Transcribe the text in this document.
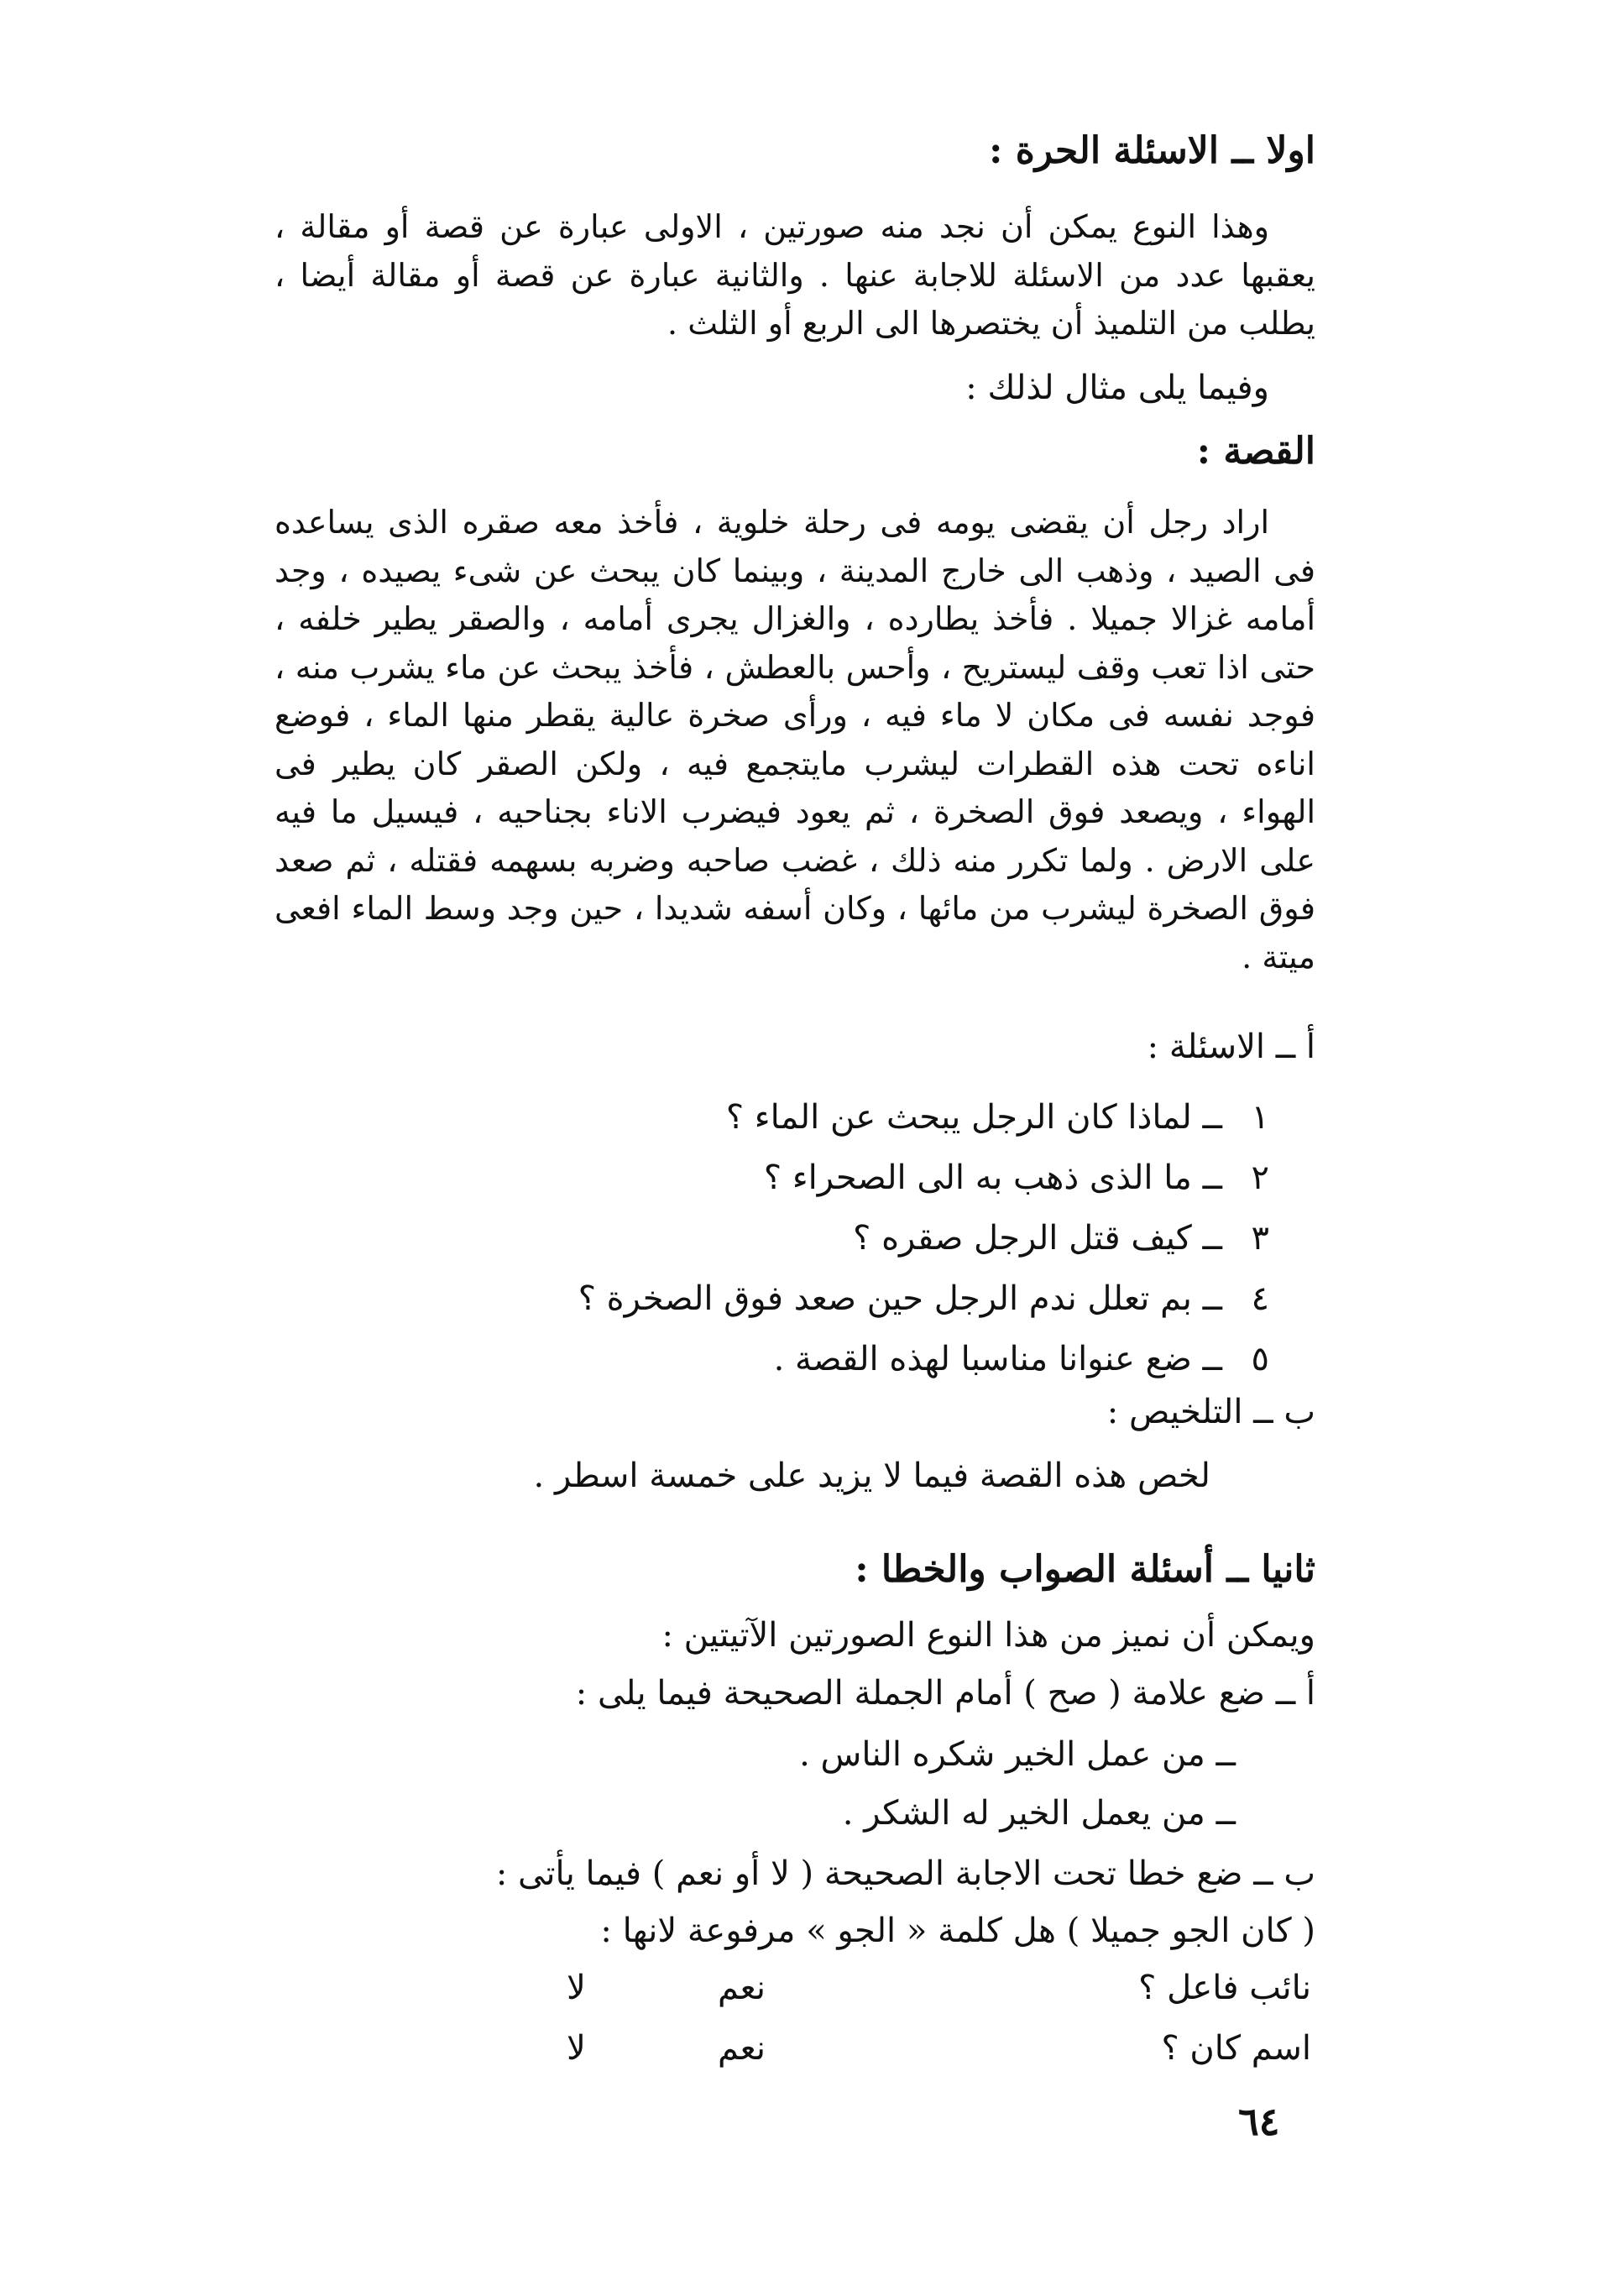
اولا ــ الاسئلة الحرة :
وهذا النوع يمكن أن نجد منه صورتين ، الاولى عبارة عن قصة أو مقالة ، يعقبها عدد من الاسئلة للاجابة عنها . والثانية عبارة عن قصة أو مقالة أيضا ، يطلب من التلميذ أن يختصرها الى الربع أو الثلث .
وفيما يلى مثال لذلك :
القصة :
اراد رجل أن يقضى يومه فى رحلة خلوية ، فأخذ معه صقره الذى يساعده فى الصيد ، وذهب الى خارج المدينة ، وبينما كان يبحث عن شىء يصيده ، وجد أمامه غزالا جميلا . فأخذ يطارده ، والغزال يجرى أمامه ، والصقر يطير خلفه ، حتى اذا تعب وقف ليستريح ، وأحس بالعطش ، فأخذ يبحث عن ماء يشرب منه ، فوجد نفسه فى مكان لا ماء فيه ، ورأى صخرة عالية يقطر منها الماء ، فوضع اناءه تحت هذه القطرات ليشرب مايتجمع فيه ، ولكن الصقر كان يطير فى الهواء ، ويصعد فوق الصخرة ، ثم يعود فيضرب الاناء بجناحيه ، فيسيل ما فيه على الارض . ولما تكرر منه ذلك ، غضب صاحبه وضربه بسهمه فقتله ، ثم صعد فوق الصخرة ليشرب من مائها ، وكان أسفه شديدا ، حين وجد وسط الماء افعى ميتة .
أ ــ الاسئلة :
١ــ لماذا كان الرجل يبحث عن الماء ؟
٢ــ ما الذى ذهب به الى الصحراء ؟
٣ــ كيف قتل الرجل صقره ؟
٤ــ بم تعلل ندم الرجل حين صعد فوق الصخرة ؟
٥ــ ضع عنوانا مناسبا لهذه القصة .
ب ــ التلخيص :
لخص هذه القصة فيما لا يزيد على خمسة اسطر .
ثانيا ــ أسئلة الصواب والخطا :
ويمكن أن نميز من هذا النوع الصورتين الآتيتين :
أ ــ ضع علامة ( صح ) أمام الجملة الصحيحة فيما يلى :
ــ من عمل الخير شكره الناس .
ــ من يعمل الخير له الشكر .
ب ــ ضع خطا تحت الاجابة الصحيحة ( لا أو نعم ) فيما يأتى :
( كان الجو جميلا ) هل كلمة « الجو » مرفوعة لانها :
نائب فاعل ؟
نعم
لا
اسم كان ؟
نعم
لا
٦٤
